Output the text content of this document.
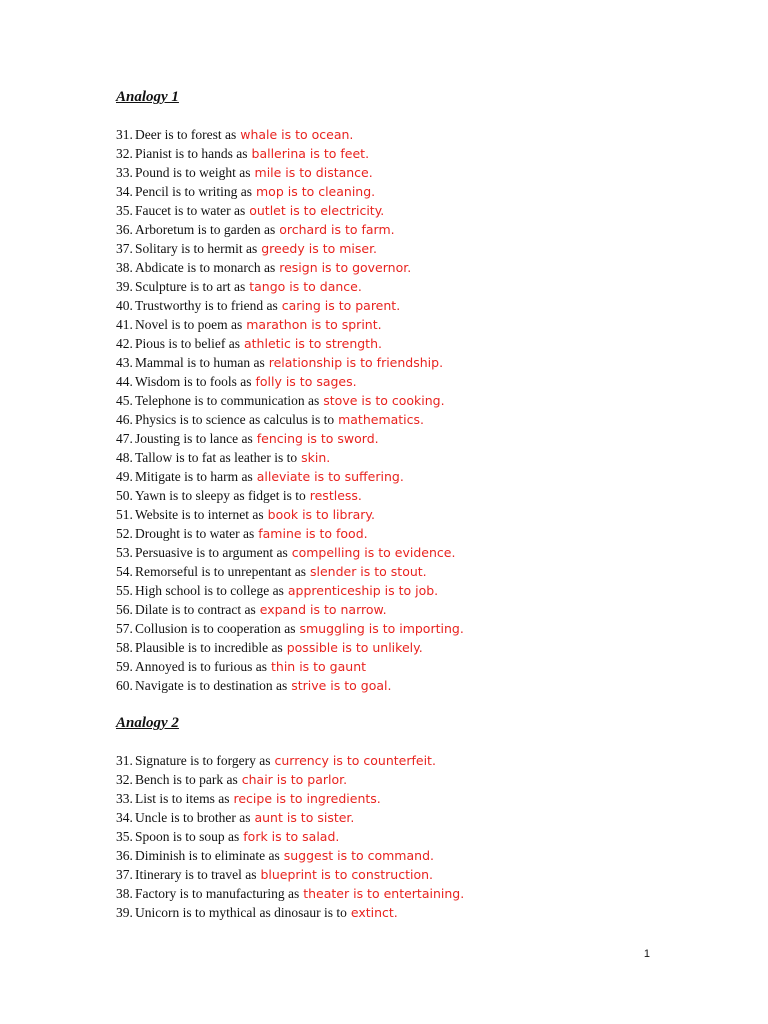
Analogy 1
31. Deer is to forest as whale is to ocean.
32. Pianist is to hands as ballerina is to feet.
33. Pound is to weight as mile is to distance.
34. Pencil is to writing as mop is to cleaning.
35. Faucet is to water as outlet is to electricity.
36. Arboretum is to garden as orchard is to farm.
37. Solitary is to hermit as greedy is to miser.
38. Abdicate is to monarch as resign is to governor.
39. Sculpture is to art as tango is to dance.
40. Trustworthy is to friend as caring is to parent.
41. Novel is to poem as marathon is to sprint.
42. Pious is to belief as athletic is to strength.
43. Mammal is to human as relationship is to friendship.
44. Wisdom is to fools as folly is to sages.
45. Telephone is to communication as stove is to cooking.
46. Physics is to science as calculus is to mathematics.
47. Jousting is to lance as fencing is to sword.
48. Tallow is to fat as leather is to skin.
49. Mitigate is to harm as alleviate is to suffering.
50. Yawn is to sleepy as fidget is to restless.
51. Website is to internet as book is to library.
52. Drought is to water as famine is to food.
53. Persuasive is to argument as compelling is to evidence.
54. Remorseful is to unrepentant as slender is to stout.
55. High school is to college as apprenticeship is to job.
56. Dilate is to contract as expand is to narrow.
57. Collusion is to cooperation as smuggling is to importing.
58. Plausible is to incredible as possible is to unlikely.
59. Annoyed is to furious as thin is to gaunt
60. Navigate is to destination as strive is to goal.
Analogy 2
31. Signature is to forgery as currency is to counterfeit.
32. Bench is to park as chair is to parlor.
33. List is to items as recipe is to ingredients.
34. Uncle is to brother as aunt is to sister.
35. Spoon is to soup as fork is to salad.
36. Diminish is to eliminate as suggest is to command.
37. Itinerary is to travel as blueprint is to construction.
38. Factory is to manufacturing as theater is to entertaining.
39. Unicorn is to mythical as dinosaur is to extinct.
1
